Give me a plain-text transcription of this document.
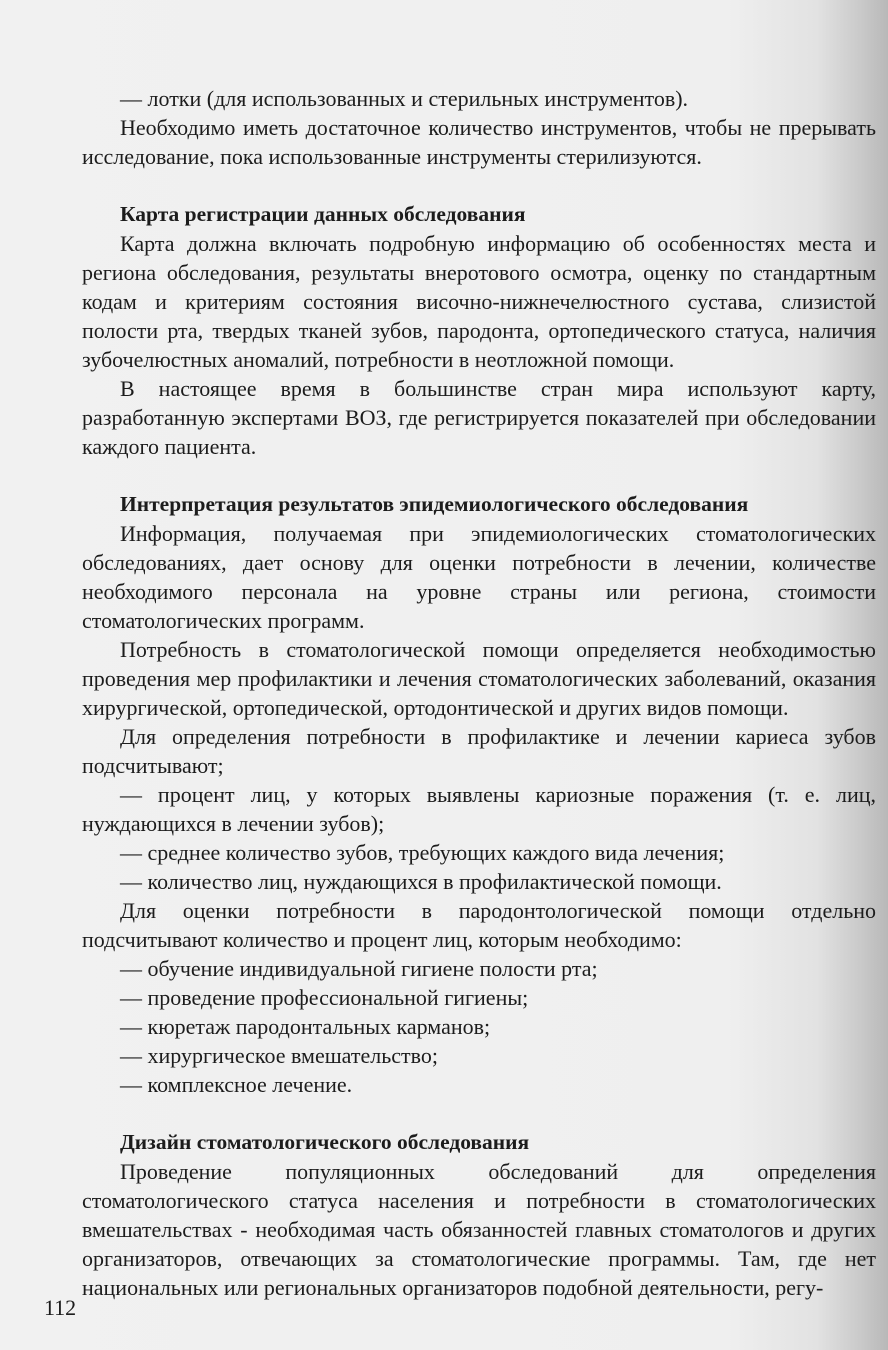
— лотки (для использованных и стерильных инструментов).

Необходимо иметь достаточное количество инструментов, чтобы не прерывать исследование, пока использованные инструменты стерилизуются.

Карта регистрации данных обследования

Карта должна включать подробную информацию об особенностях места и региона обследования, результаты внеротового осмотра, оценку по стандартным кодам и критериям состояния височно-нижнечелюстного сустава, слизистой полости рта, твердых тканей зубов, пародонта, ортопедического статуса, наличия зубочелюстных аномалий, потребности в неотложной помощи.

В настоящее время в большинстве стран мира используют карту, разработанную экспертами ВОЗ, где регистрируется показателей при обследовании каждого пациента.

Интерпретация результатов эпидемиологического обследования

Информация, получаемая при эпидемиологических стоматологических обследованиях, дает основу для оценки потребности в лечении, количестве необходимого персонала на уровне страны или региона, стоимости стоматологических программ.

Потребность в стоматологической помощи определяется необходимостью проведения мер профилактики и лечения стоматологических заболеваний, оказания хирургической, ортопедической, ортодонтической и других видов помощи.

Для определения потребности в профилактике и лечении кариеса зубов подсчитывают;

— процент лиц, у которых выявлены кариозные поражения (т. е. лиц, нуждающихся в лечении зубов);

— среднее количество зубов, требующих каждого вида лечения;

— количество лиц, нуждающихся в профилактической помощи.

Для оценки потребности в пародонтологической помощи отдельно подсчитывают количество и процент лиц, которым необходимо:

— обучение индивидуальной гигиене полости рта;

— проведение профессиональной гигиены;

— кюретаж пародонтальных карманов;

— хирургическое вмешательство;

— комплексное лечение.

Дизайн стоматологического обследования

Проведение популяционных обследований для определения стоматологического статуса населения и потребности в стоматологических вмешательствах - необходимая часть обязанностей главных стоматологов и других организаторов, отвечающих за стоматологические программы. Там, где нет национальных или региональных организаторов подобной деятельности, регу-

112
